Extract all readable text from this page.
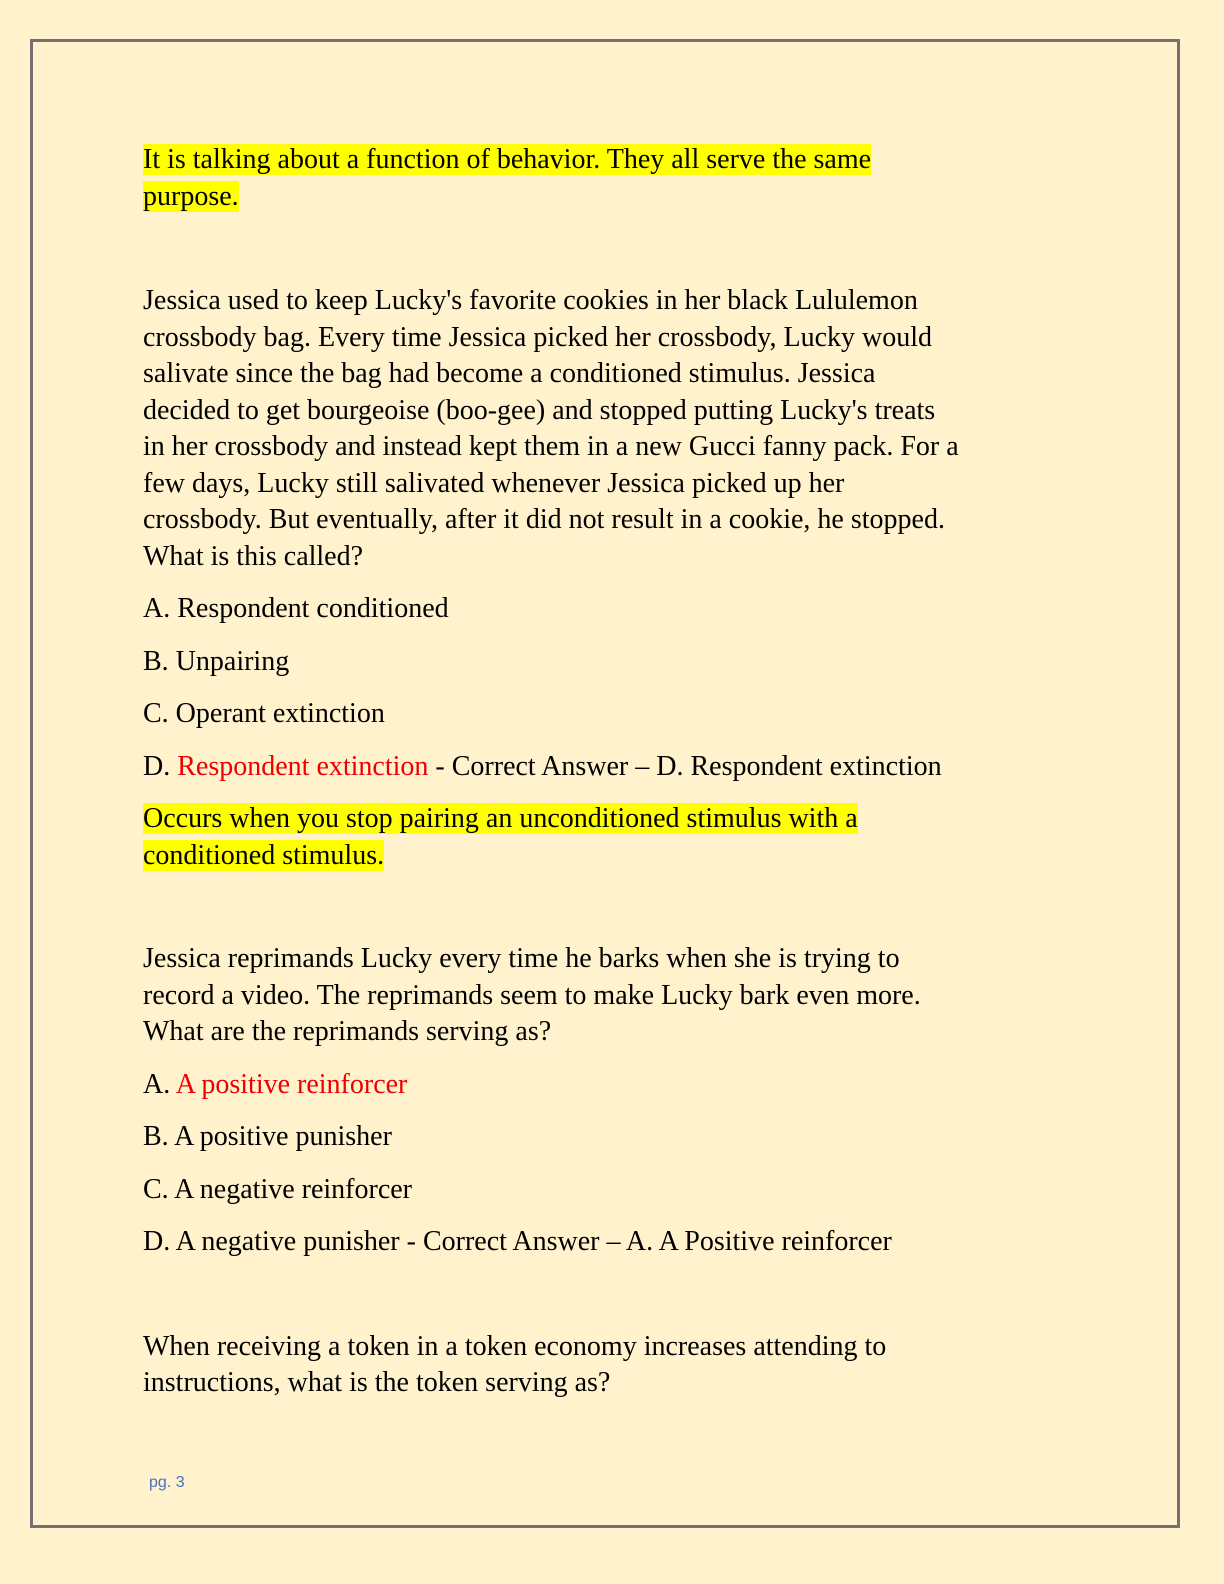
It is talking about a function of behavior. They all serve the same
purpose.

Jessica used to keep Lucky's favorite cookies in her black Lululemon
crossbody bag. Every time Jessica picked her crossbody, Lucky would
salivate since the bag had become a conditioned stimulus. Jessica
decided to get bourgeoise (boo-gee) and stopped putting Lucky's treats
in her crossbody and instead kept them in a new Gucci fanny pack. For a
few days, Lucky still salivated whenever Jessica picked up her
crossbody. But eventually, after it did not result in a cookie, he stopped.
What is this called?

A. Respondent conditioned

B. Unpairing

C. Operant extinction

D. Respondent extinction - Correct Answer – D. Respondent extinction

Occurs when you stop pairing an unconditioned stimulus with a
conditioned stimulus.

Jessica reprimands Lucky every time he barks when she is trying to
record a video. The reprimands seem to make Lucky bark even more.
What are the reprimands serving as?

A. A positive reinforcer

B. A positive punisher

C. A negative reinforcer

D. A negative punisher - Correct Answer – A. A Positive reinforcer

When receiving a token in a token economy increases attending to
instructions, what is the token serving as?

pg. 3
